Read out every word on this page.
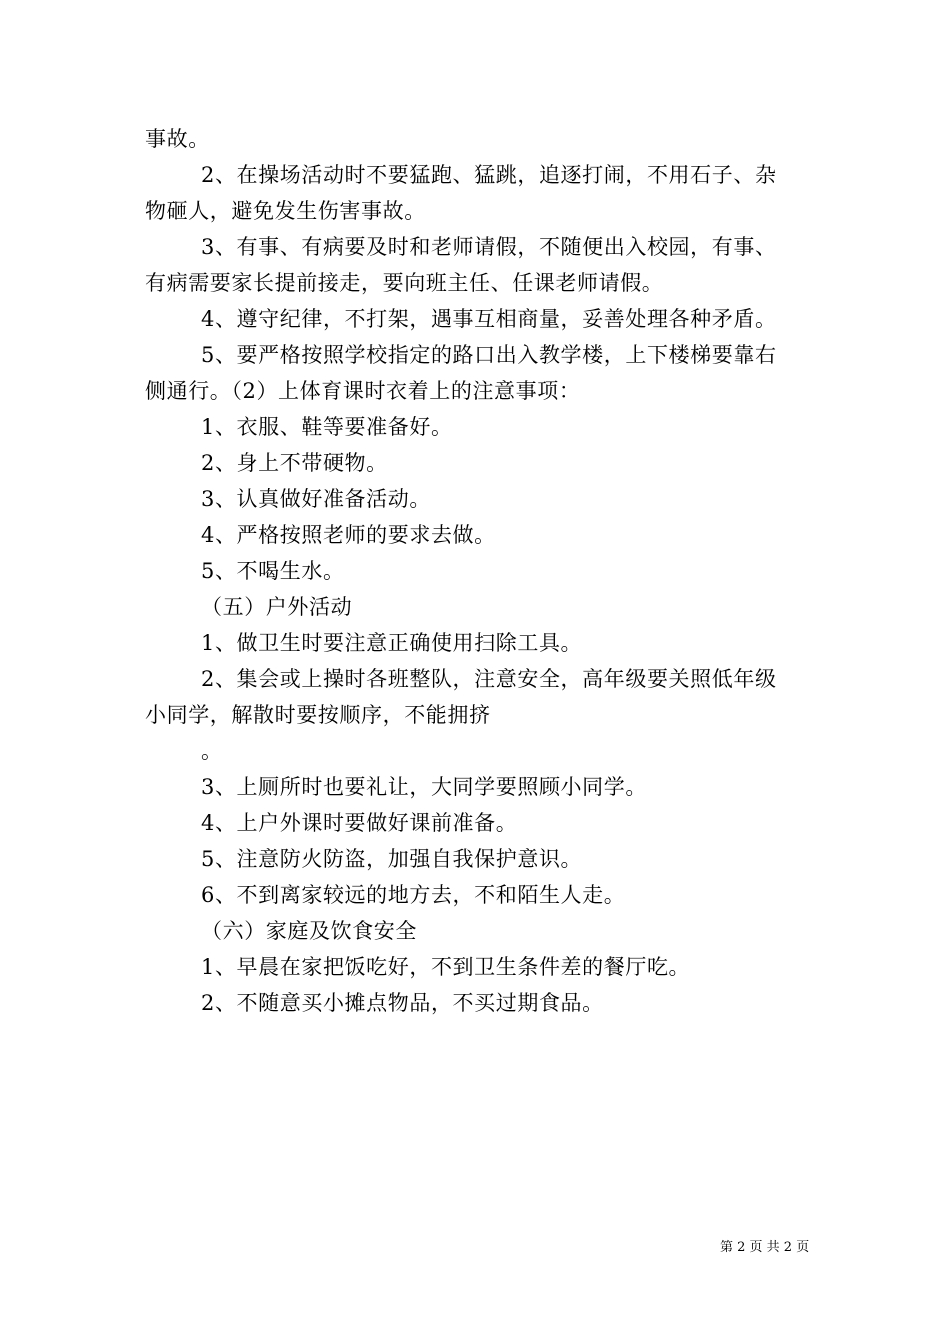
事故。
2、在操场活动时不要猛跑、猛跳，追逐打闹，不用石子、杂
物砸人，避免发生伤害事故。
3、有事、有病要及时和老师请假，不随便出入校园，有事、
有病需要家长提前接走，要向班主任、任课老师请假。
4、遵守纪律，不打架，遇事互相商量，妥善处理各种矛盾。
5、要严格按照学校指定的路口出入教学楼，上下楼梯要靠右
侧通行。（2）上体育课时衣着上的注意事项：
1、衣服、鞋等要准备好。
2、身上不带硬物。
3、认真做好准备活动。
4、严格按照老师的要求去做。
5、不喝生水。
（五）户外活动
1、做卫生时要注意正确使用扫除工具。
2、集会或上操时各班整队，注意安全，高年级要关照低年级
小同学，解散时要按顺序，不能拥挤
。
3、上厕所时也要礼让，大同学要照顾小同学。
4、上户外课时要做好课前准备。
5、注意防火防盗，加强自我保护意识。
6、不到离家较远的地方去，不和陌生人走。
（六）家庭及饮食安全
1、早晨在家把饭吃好，不到卫生条件差的餐厅吃。
2、不随意买小摊点物品，不买过期食品。
第 2 页 共 2 页
